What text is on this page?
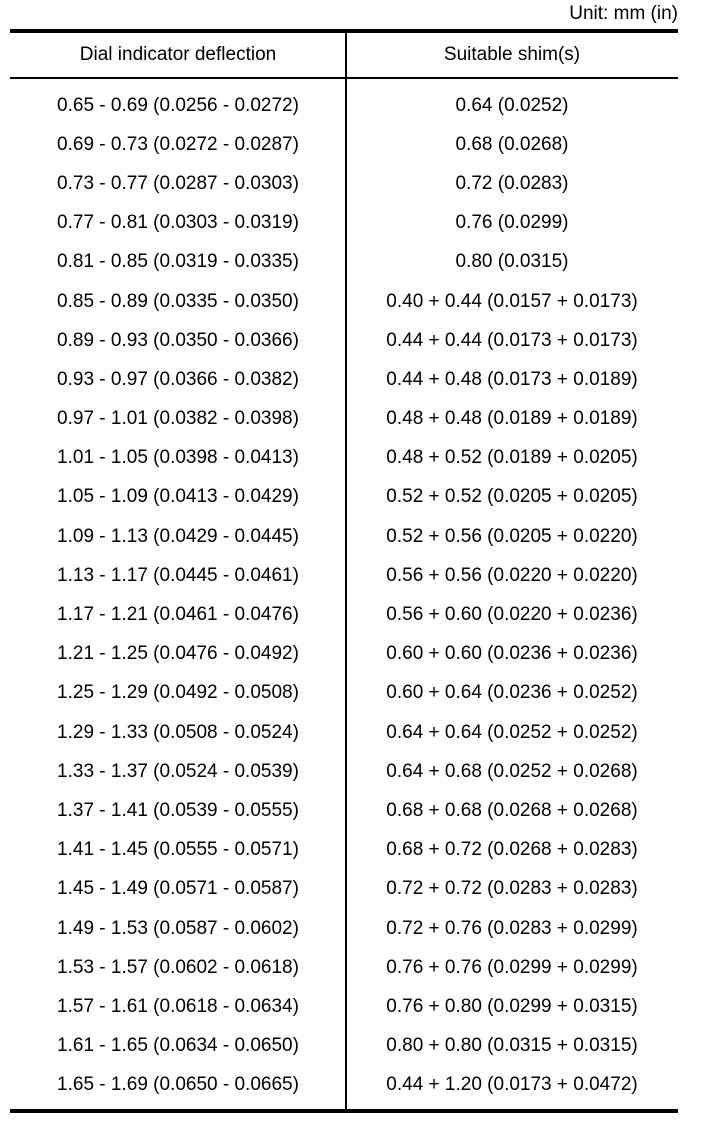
Unit: mm (in)
Dial indicator deflection	Suitable shim(s)
0.65 - 0.69 (0.0256 - 0.0272)	0.64 (0.0252)
0.69 - 0.73 (0.0272 - 0.0287)	0.68 (0.0268)
0.73 - 0.77 (0.0287 - 0.0303)	0.72 (0.0283)
0.77 - 0.81 (0.0303 - 0.0319)	0.76 (0.0299)
0.81 - 0.85 (0.0319 - 0.0335)	0.80 (0.0315)
0.85 - 0.89 (0.0335 - 0.0350)	0.40 + 0.44 (0.0157 + 0.0173)
0.89 - 0.93 (0.0350 - 0.0366)	0.44 + 0.44 (0.0173 + 0.0173)
0.93 - 0.97 (0.0366 - 0.0382)	0.44 + 0.48 (0.0173 + 0.0189)
0.97 - 1.01 (0.0382 - 0.0398)	0.48 + 0.48 (0.0189 + 0.0189)
1.01 - 1.05 (0.0398 - 0.0413)	0.48 + 0.52 (0.0189 + 0.0205)
1.05 - 1.09 (0.0413 - 0.0429)	0.52 + 0.52 (0.0205 + 0.0205)
1.09 - 1.13 (0.0429 - 0.0445)	0.52 + 0.56 (0.0205 + 0.0220)
1.13 - 1.17 (0.0445 - 0.0461)	0.56 + 0.56 (0.0220 + 0.0220)
1.17 - 1.21 (0.0461 - 0.0476)	0.56 + 0.60 (0.0220 + 0.0236)
1.21 - 1.25 (0.0476 - 0.0492)	0.60 + 0.60 (0.0236 + 0.0236)
1.25 - 1.29 (0.0492 - 0.0508)	0.60 + 0.64 (0.0236 + 0.0252)
1.29 - 1.33 (0.0508 - 0.0524)	0.64 + 0.64 (0.0252 + 0.0252)
1.33 - 1.37 (0.0524 - 0.0539)	0.64 + 0.68 (0.0252 + 0.0268)
1.37 - 1.41 (0.0539 - 0.0555)	0.68 + 0.68 (0.0268 + 0.0268)
1.41 - 1.45 (0.0555 - 0.0571)	0.68 + 0.72 (0.0268 + 0.0283)
1.45 - 1.49 (0.0571 - 0.0587)	0.72 + 0.72 (0.0283 + 0.0283)
1.49 - 1.53 (0.0587 - 0.0602)	0.72 + 0.76 (0.0283 + 0.0299)
1.53 - 1.57 (0.0602 - 0.0618)	0.76 + 0.76 (0.0299 + 0.0299)
1.57 - 1.61 (0.0618 - 0.0634)	0.76 + 0.80 (0.0299 + 0.0315)
1.61 - 1.65 (0.0634 - 0.0650)	0.80 + 0.80 (0.0315 + 0.0315)
1.65 - 1.69 (0.0650 - 0.0665)	0.44 + 1.20 (0.0173 + 0.0472)
